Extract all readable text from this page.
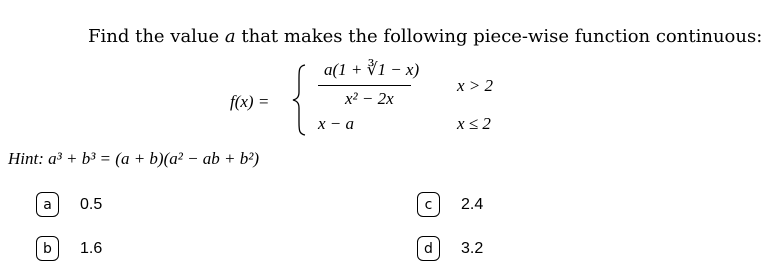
Find the value a that makes the following piece-wise function continuous:
f(x) =
a(1 + ∛1 − x)
x² − 2x
x > 2
x − a	x ≤ 2
Hint: a³ + b³ = (a + b)(a² − ab + b²)
a	0.5
b	1.6
c	2.4
d	3.2
